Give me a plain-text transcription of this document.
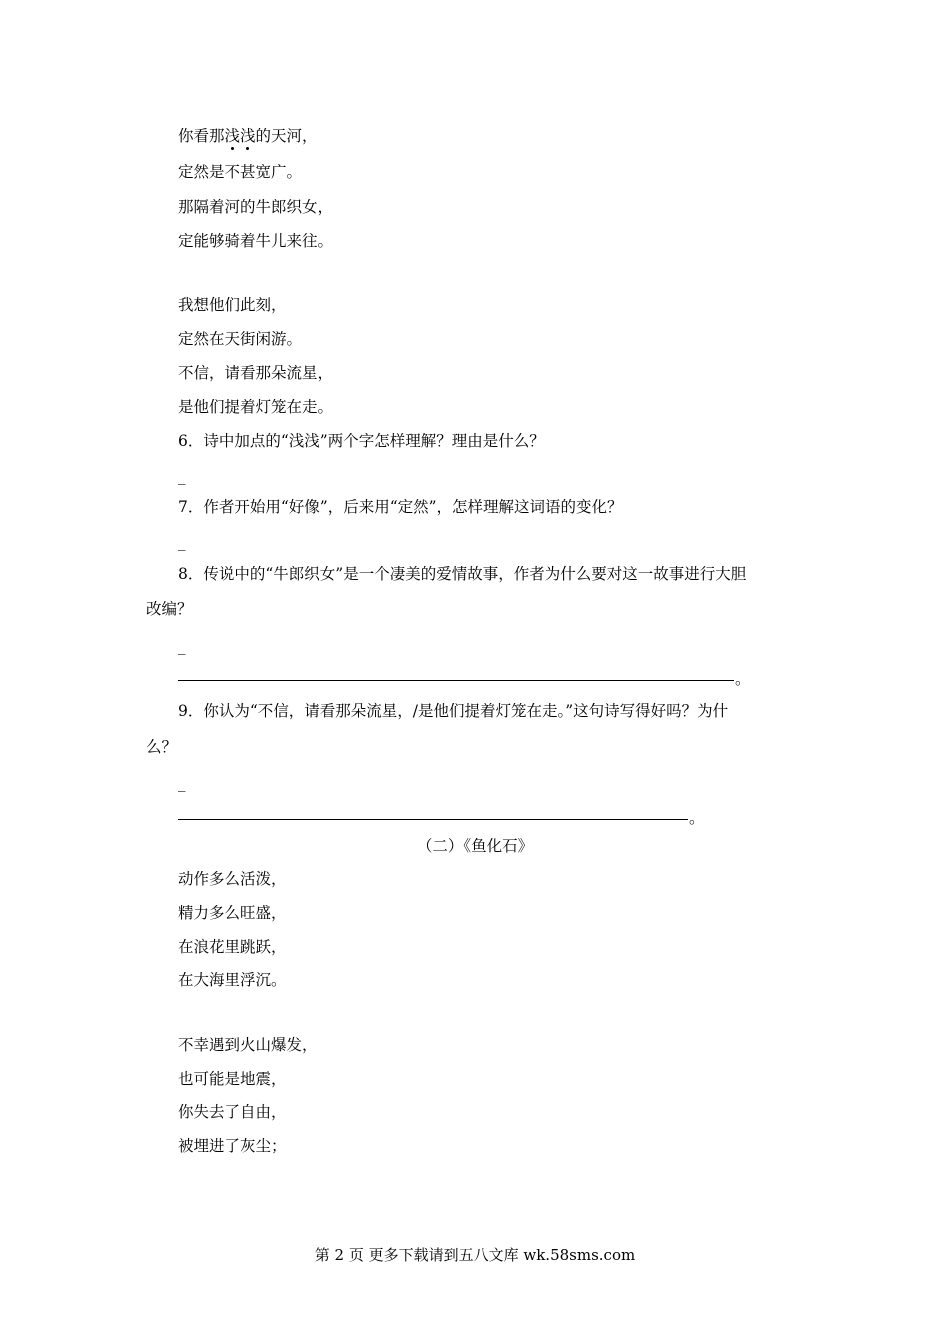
你看那浅浅的天河，
定然是不甚宽广。
那隔着河的牛郎织女，
定能够骑着牛儿来往。
我想他们此刻，
定然在天街闲游。
不信，请看那朵流星，
是他们提着灯笼在走。
6．诗中加点的“浅浅”两个字怎样理解？理由是什么？
_
7．作者开始用“好像”，后来用“定然”，怎样理解这词语的变化？
_
8．传说中的“牛郎织女”是一个凄美的爱情故事，作者为什么要对这一故事进行大胆
改编？
_
。
9．你认为“不信，请看那朵流星，/是他们提着灯笼在走。”这句诗写得好吗？为什
么？
_
。
（二）《鱼化石》
动作多么活泼，
精力多么旺盛，
在浪花里跳跃，
在大海里浮沉。
不幸遇到火山爆发，
也可能是地震，
你失去了自由，
被埋进了灰尘；
第 2 页 更多下载请到五八文库 wk.58sms.com
